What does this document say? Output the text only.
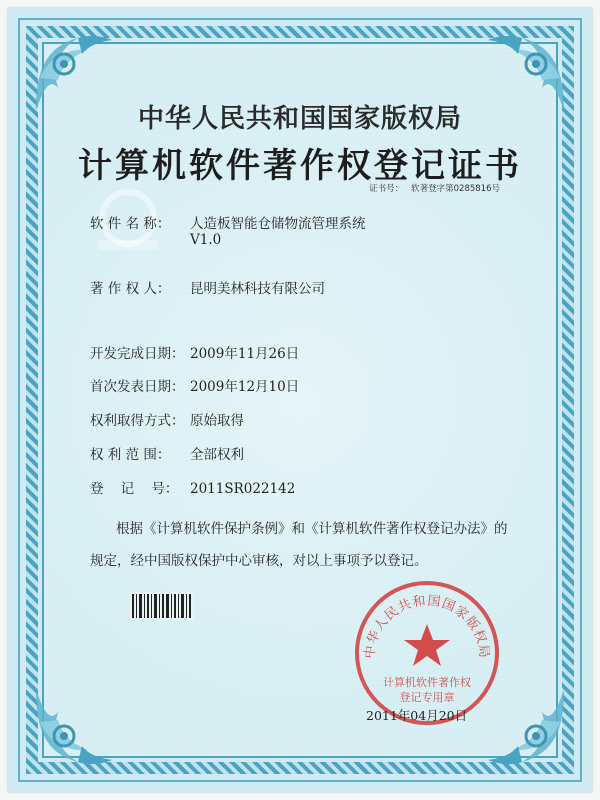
中华人民共和国国家版权局
计算机软件著作权登记证书
证书号： 软著登字第0285816号
软 件 名 称： 人造板智能仓储物流管理系统
V1.0
著 作 权 人： 昆明美林科技有限公司
开发完成日期： 2009年11月26日
首次发表日期： 2009年12月10日
权利取得方式： 原始取得
权 利 范 围： 全部权利
登    记    号： 2011SR022142

根据《计算机软件保护条例》和《计算机软件著作权登记办法》的

规定，经中国版权保护中心审核，对以上事项予以登记。

中华人民共和国国家版权局
计算机软件著作权
登记专用章
2011年04月20日
